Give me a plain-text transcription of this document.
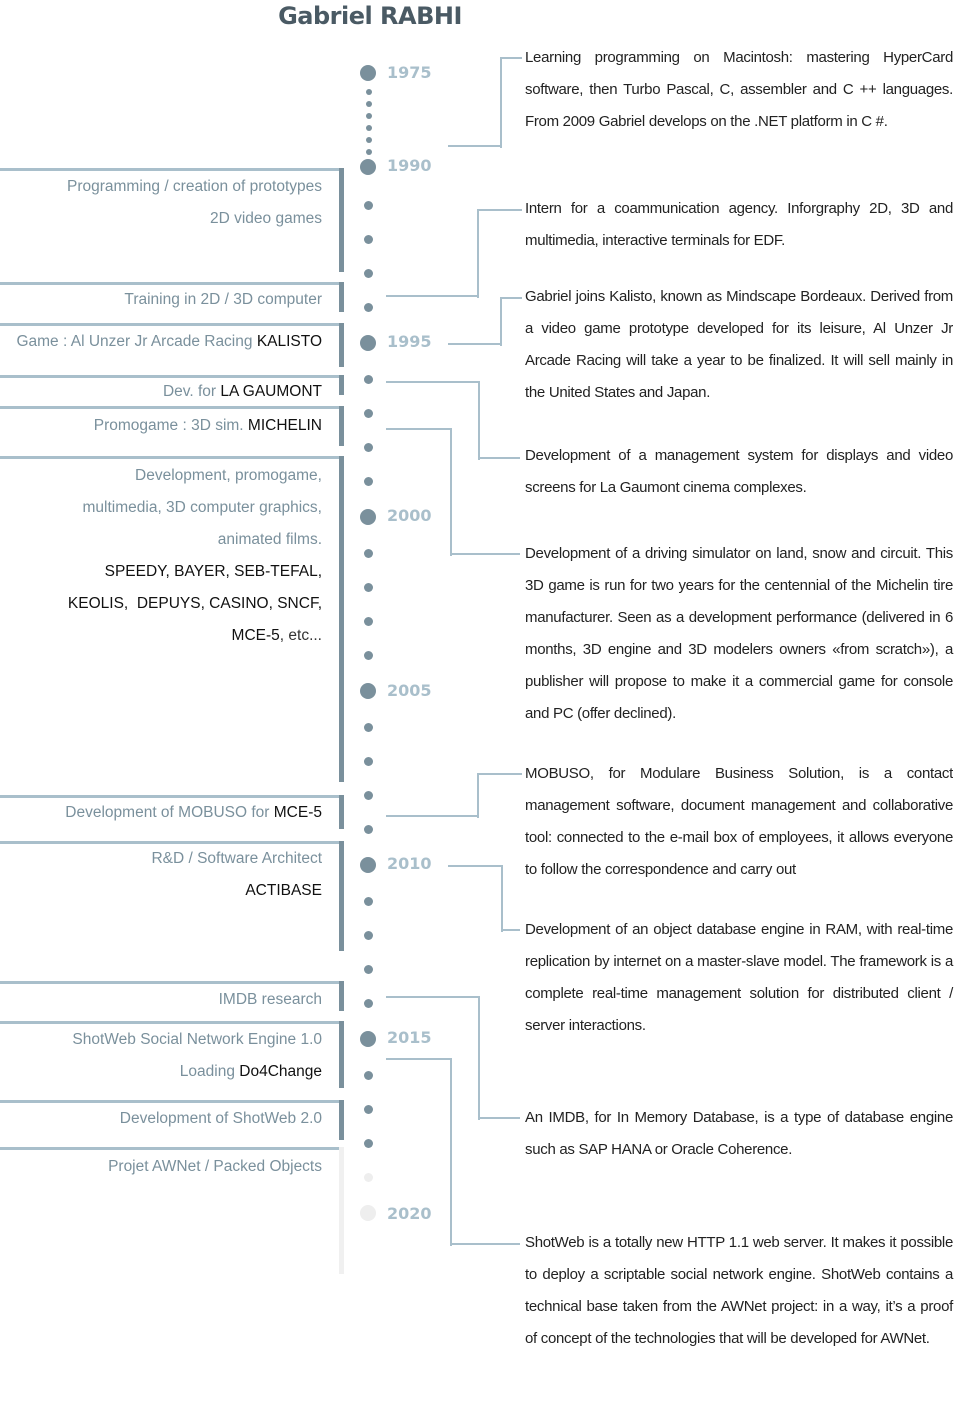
Gabriel RABHI
1975
1990
1995
2000
2005
2010
2015
2020
Programming / creation of prototypes
2D video games
Training in 2D / 3D computer
Game : Al Unzer Jr Arcade Racing KALISTO
Dev. for LA GAUMONT
Promogame : 3D sim. MICHELIN
Development, promogame,
multimedia, 3D computer graphics,
animated films.
SPEEDY, BAYER, SEB-TEFAL,
KEOLIS,  DEPUYS, CASINO, SNCF,
MCE-5, etc...
Development of MOBUSO for MCE-5
R&D / Software Architect
ACTIBASE
IMDB research
ShotWeb Social Network Engine 1.0
Loading Do4Change
Development of ShotWeb 2.0
Projet AWNet / Packed Objects
Learning programming on Macintosh: mastering HyperCard software, then Turbo Pascal, C, assembler and C ++ languages. From 2009 Gabriel develops on the .NET platform in C #.
Intern for a coammunication agency. Inforgraphy 2D, 3D and multimedia, interactive terminals for EDF.
Gabriel joins Kalisto, known as Mindscape Bordeaux. Derived from a video game prototype developed for its leisure, Al Unzer Jr Arcade Racing will take a year to be finalized. It will sell mainly in the United States and Japan.
Development of a management system for displays and video screens for La Gaumont cinema complexes.
Development of a driving simulator on land, snow and circuit. This 3D game is run for two years for the centennial of the Michelin tire manufacturer. Seen as a development performance (delivered in 6 months, 3D engine and 3D modelers owners «from scratch»), a publisher will propose to make it a commercial game for console and PC (offer declined).
MOBUSO, for Modulare Business Solution, is a contact management software, document management and collaborative tool: connected to the e-mail box of employees, it allows everyone to follow the correspondence and carry out
Development of an object database engine in RAM, with real-time replication by internet on a master-slave model. The framework is a complete real-time management solution for distributed client / server interactions.
An IMDB, for In Memory Database, is a type of database engine such as SAP HANA or Oracle Coherence.
ShotWeb is a totally new HTTP 1.1 web server. It makes it possible to deploy a scriptable social network engine. ShotWeb contains a technical base taken from the AWNet project: in a way, it’s a proof of concept of the technologies that will be developed for AWNet.
